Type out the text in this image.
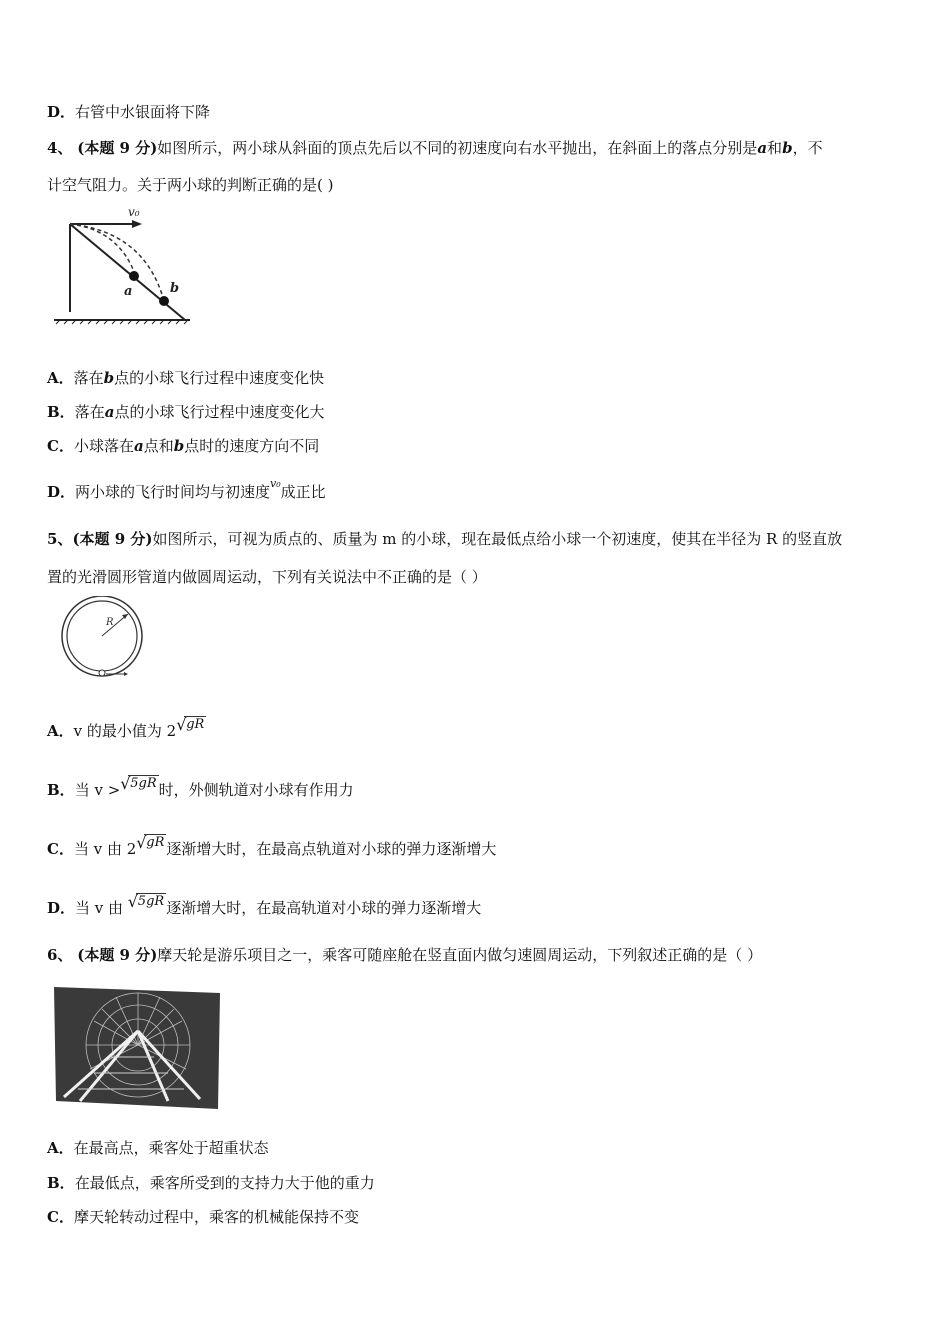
D．右管中水银面将下降
4、 (本题 9 分)如图所示，两小球从斜面的顶点先后以不同的初速度向右水平抛出，在斜面上的落点分别是a和b，不
计空气阻力。关于两小球的判断正确的是( )
v₀
a	b
A．落在b点的小球飞行过程中速度变化快
B．落在a点的小球飞行过程中速度变化大
C．小球落在a点和b点时的速度方向不同
D．两小球的飞行时间均与初速度$^{v_0}$成正比
5、(本题 9 分)如图所示，可视为质点的、质量为 m 的小球，现在最低点给小球一个初速度，使其在半径为 R 的竖直放
置的光滑圆形管道内做圆周运动，下列有关说法中不正确的是（ ）
R
A．v 的最小值为 2 √ gR
B．当 v > √ 5gR 时，外侧轨道对小球有作用力
C．当 v 由 2 √ gR 逐渐增大时，在最高点轨道对小球的弹力逐渐增大
D．当 v 由 √ 5gR 逐渐增大时，在最高轨道对小球的弹力逐渐增大
6、 (本题 9 分)摩天轮是游乐项目之一，乘客可随座舱在竖直面内做匀速圆周运动，下列叙述正确的是（ ）
A．在最高点，乘客处于超重状态
B．在最低点，乘客所受到的支持力大于他的重力
C．摩天轮转动过程中，乘客的机械能保持不变
